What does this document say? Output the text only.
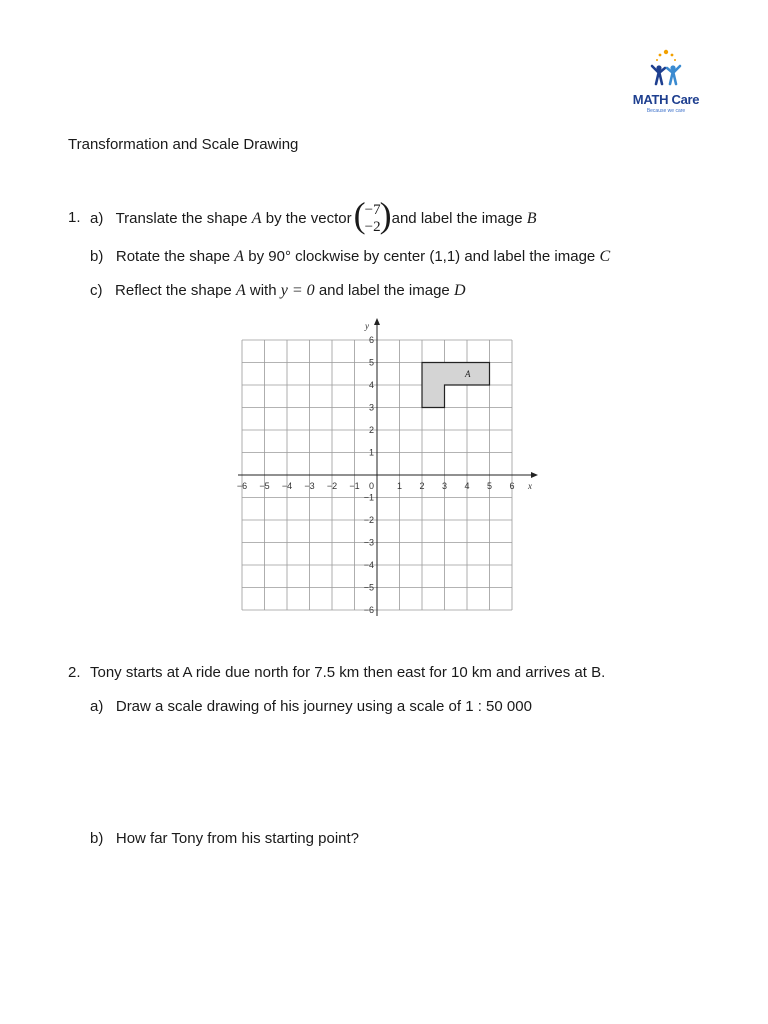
MATH Care
Because we care
Transformation and Scale Drawing
1. a) Translate the shape A by the vector ( −7
−2 ) and label the image B
b) Rotate the shape A by 90° clockwise by center (1,1) and label the image C
c) Reflect the shape A with y = 0 and label the image D
A
x
y
−6 −5 −4 −3 −2 −1	1 2 3 4 5 6
−6
−5
−4
−3
−2
−1
1
2
3
4
5
6
0
2. Tony starts at A ride due north for 7.5 km then east for 10 km and arrives at B.
a) Draw a scale drawing of his journey using a scale of 1 : 50 000
b) How far Tony from his starting point?
